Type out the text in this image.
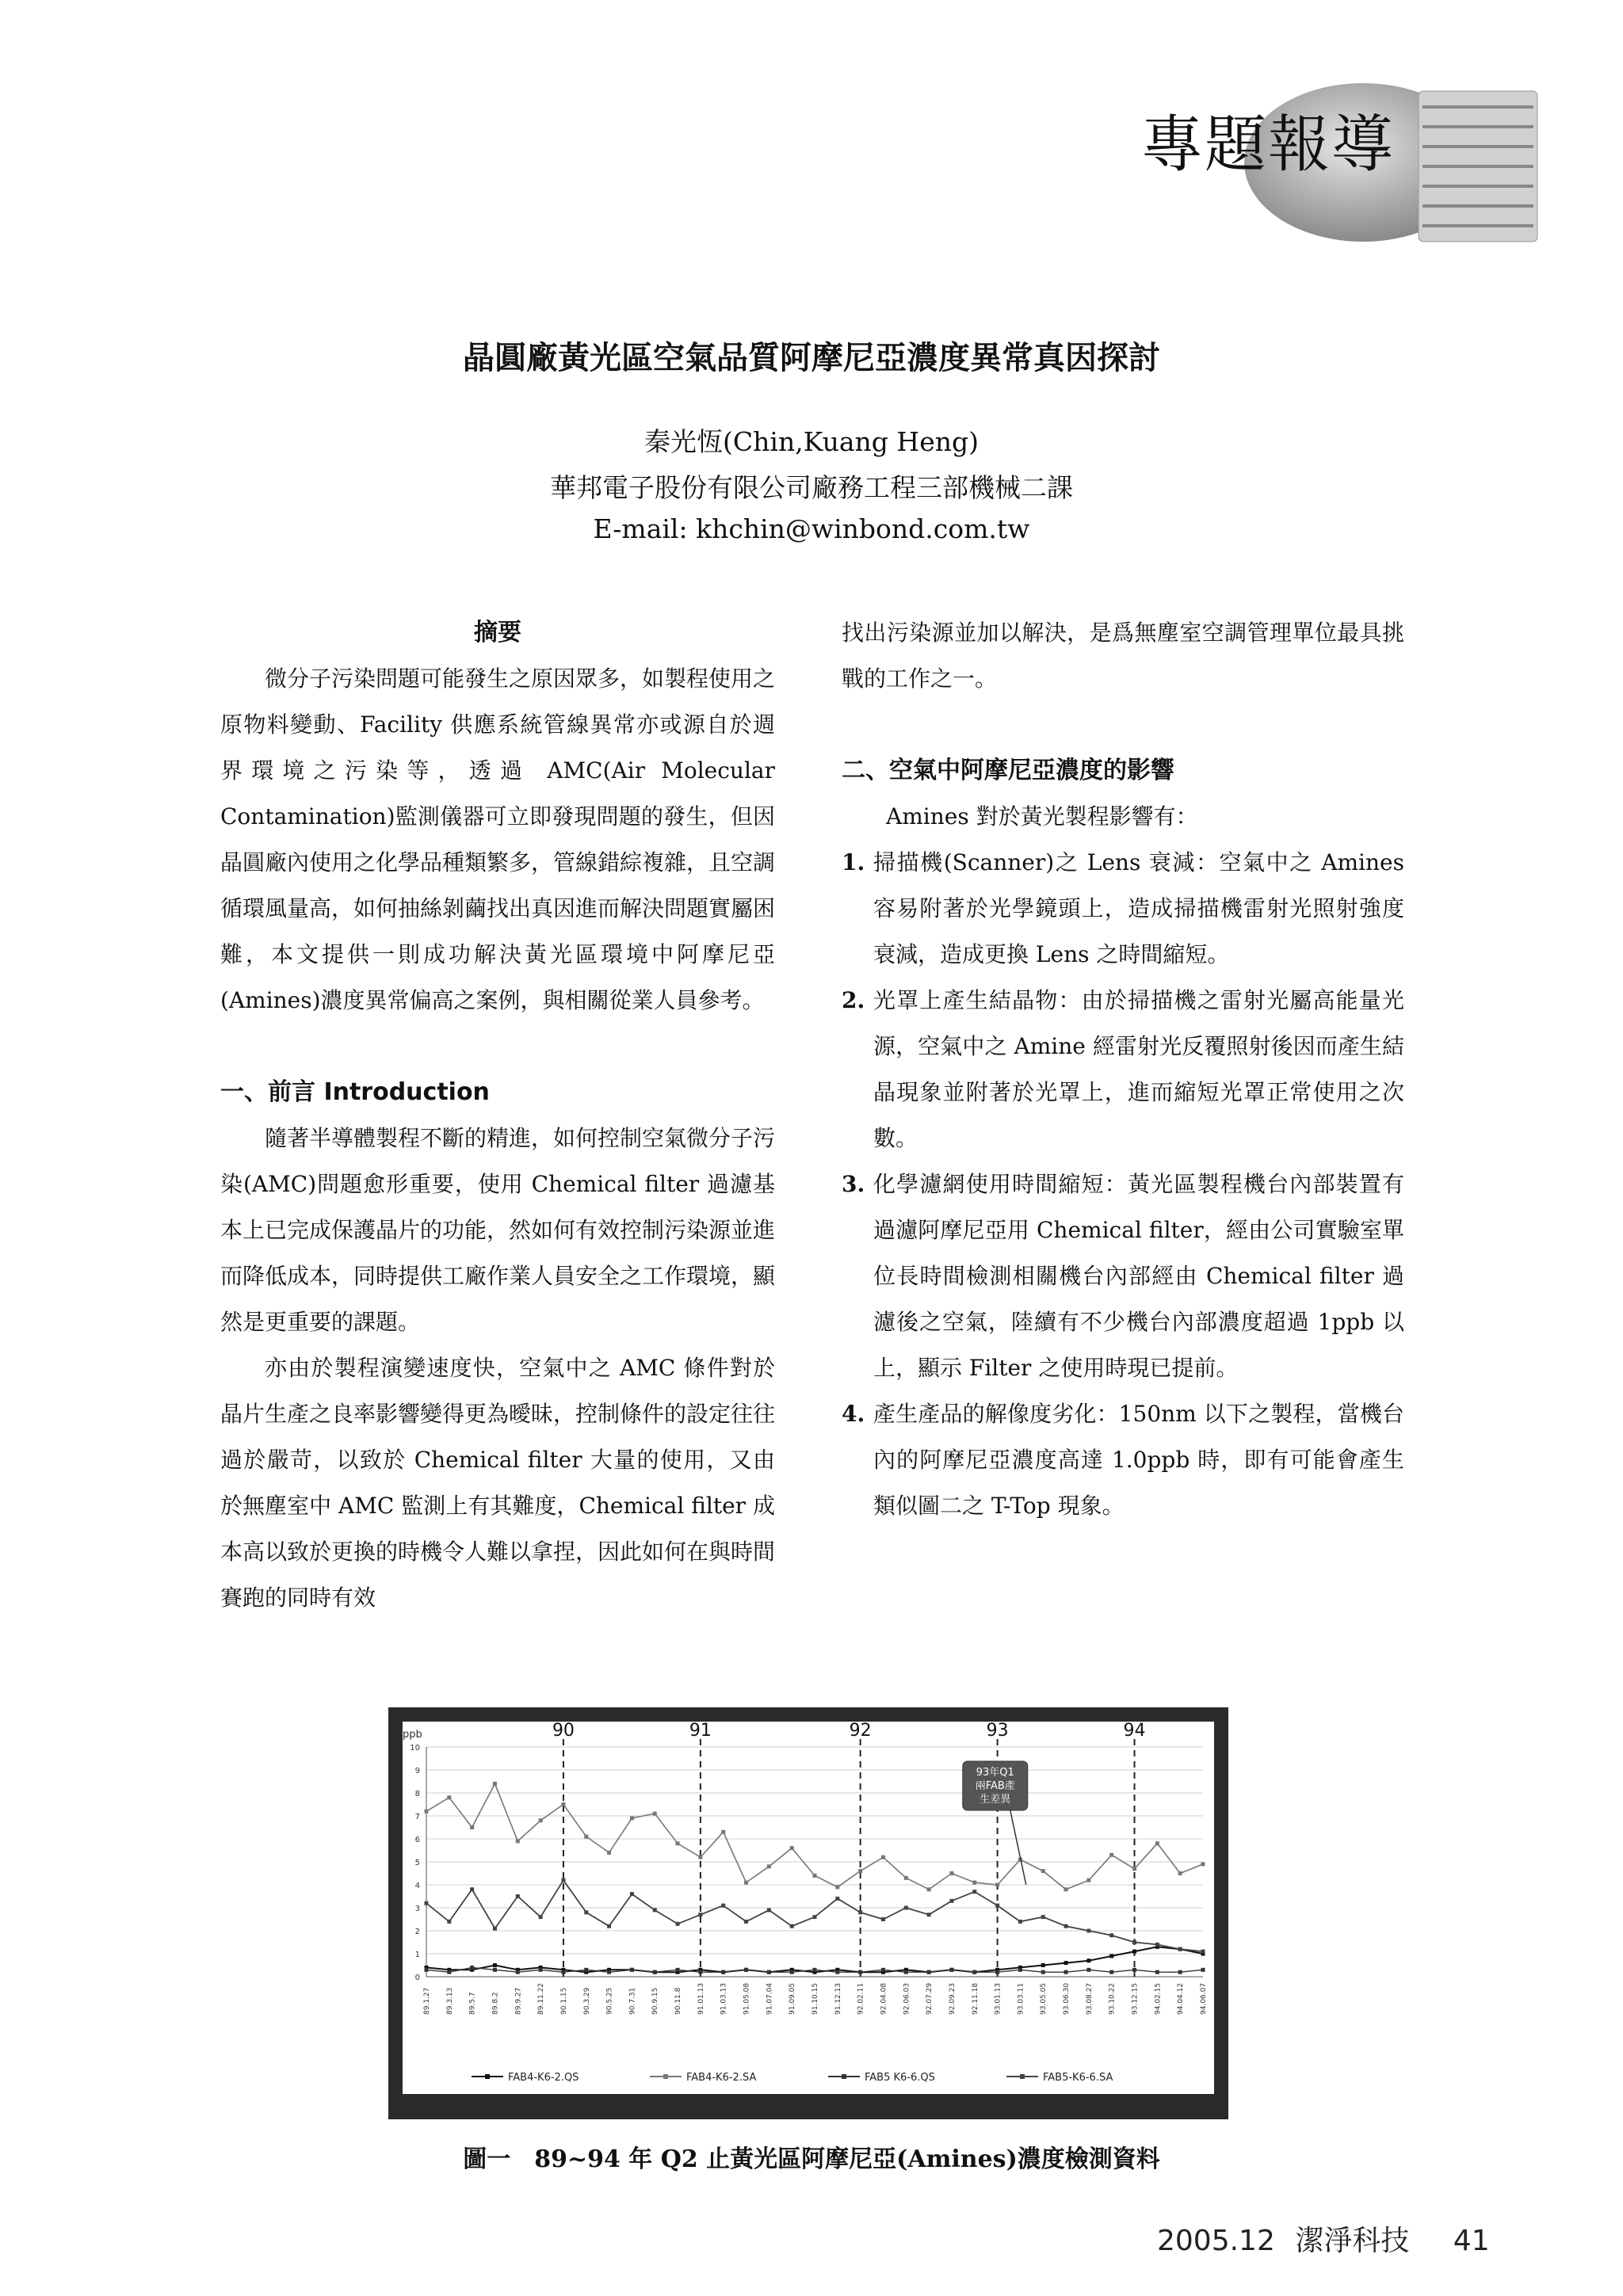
專題報導
晶圓廠黃光區空氣品質阿摩尼亞濃度異常真因探討
秦光恆(Chin,Kuang Heng)
華邦電子股份有限公司廠務工程三部機械二課
E-mail: khchin@winbond.com.tw
摘要

微分子污染問題可能發生之原因眾多，如製程使用之原物料變動、Facility 供應系統管線異常亦或源自於週界環境之污染等，透過 AMC(Air Molecular Contamination)監測儀器可立即發現問題的發生，但因晶圓廠內使用之化學品種類繁多，管線錯綜複雜，且空調循環風量高，如何抽絲剝繭找出真因進而解決問題實屬困難，本文提供一則成功解決黃光區環境中阿摩尼亞(Amines)濃度異常偏高之案例，與相關從業人員參考。

一、前言 Introduction

隨著半導體製程不斷的精進，如何控制空氣微分子污染(AMC)問題愈形重要，使用 Chemical filter 過濾基本上已完成保護晶片的功能，然如何有效控制污染源並進而降低成本，同時提供工廠作業人員安全之工作環境，顯然是更重要的課題。

亦由於製程演變速度快，空氣中之 AMC 條件對於晶片生產之良率影響變得更為曖昧，控制條件的設定往往過於嚴苛，以致於 Chemical filter 大量的使用，又由於無塵室中 AMC 監測上有其難度，Chemical filter 成本高以致於更換的時機令人難以拿捏，因此如何在與時間賽跑的同時有效

找出污染源並加以解決，是爲無塵室空調管理單位最具挑戰的工作之一。

二、空氣中阿摩尼亞濃度的影響

Amines 對於黃光製程影響有：

1. 掃描機(Scanner)之 Lens 衰減：空氣中之 Amines 容易附著於光學鏡頭上，造成掃描機雷射光照射強度衰減，造成更換 Lens 之時間縮短。
2. 光罩上產生結晶物：由於掃描機之雷射光屬高能量光源，空氣中之 Amine 經雷射光反覆照射後因而產生結晶現象並附著於光罩上，進而縮短光罩正常使用之次數。
3. 化學濾網使用時間縮短：黃光區製程機台內部裝置有過濾阿摩尼亞用 Chemical filter，經由公司實驗室單位長時間檢測相關機台內部經由 Chemical filter 過濾後之空氣，陸續有不少機台內部濃度超過 1ppb 以上，顯示 Filter 之使用時現已提前。
4. 產生產品的解像度劣化：150nm 以下之製程，當機台內的阿摩尼亞濃度高達 1.0ppb 時，即有可能會產生類似圖二之 T-Top 現象。
0
1
2
3
4
5
6
7
8
9
10
ppb	90	91	92	93	94
89.1.27 89.3.13 89.5.7 89.8.2 89.9.27 89.11.22 90.1.15 90.3.29 90.5.25 90.7.31 90.9.15 90.11.8 91.01.13 91.03.13 91.05.08 91.07.04 91.09.05 91.10.15 91.12.13 92.02.11 92.04.08 92.06.03 92.07.29 92.09.23 92.11.18 93.01.13 93.03.11 93.05.05 93.06.30 93.08.27 93.10.22 93.12.15 94.02.15 94.04.12 94.06.07
93年Q1
兩FAB產
生差異
FAB4-K6-2.QS	FAB4-K6-2.SA	FAB5 K6-6.QS	FAB5-K6-6.SA
圖一　89~94 年 Q2 止黃光區阿摩尼亞(Amines)濃度檢測資料
2005.12 潔淨科技 41
